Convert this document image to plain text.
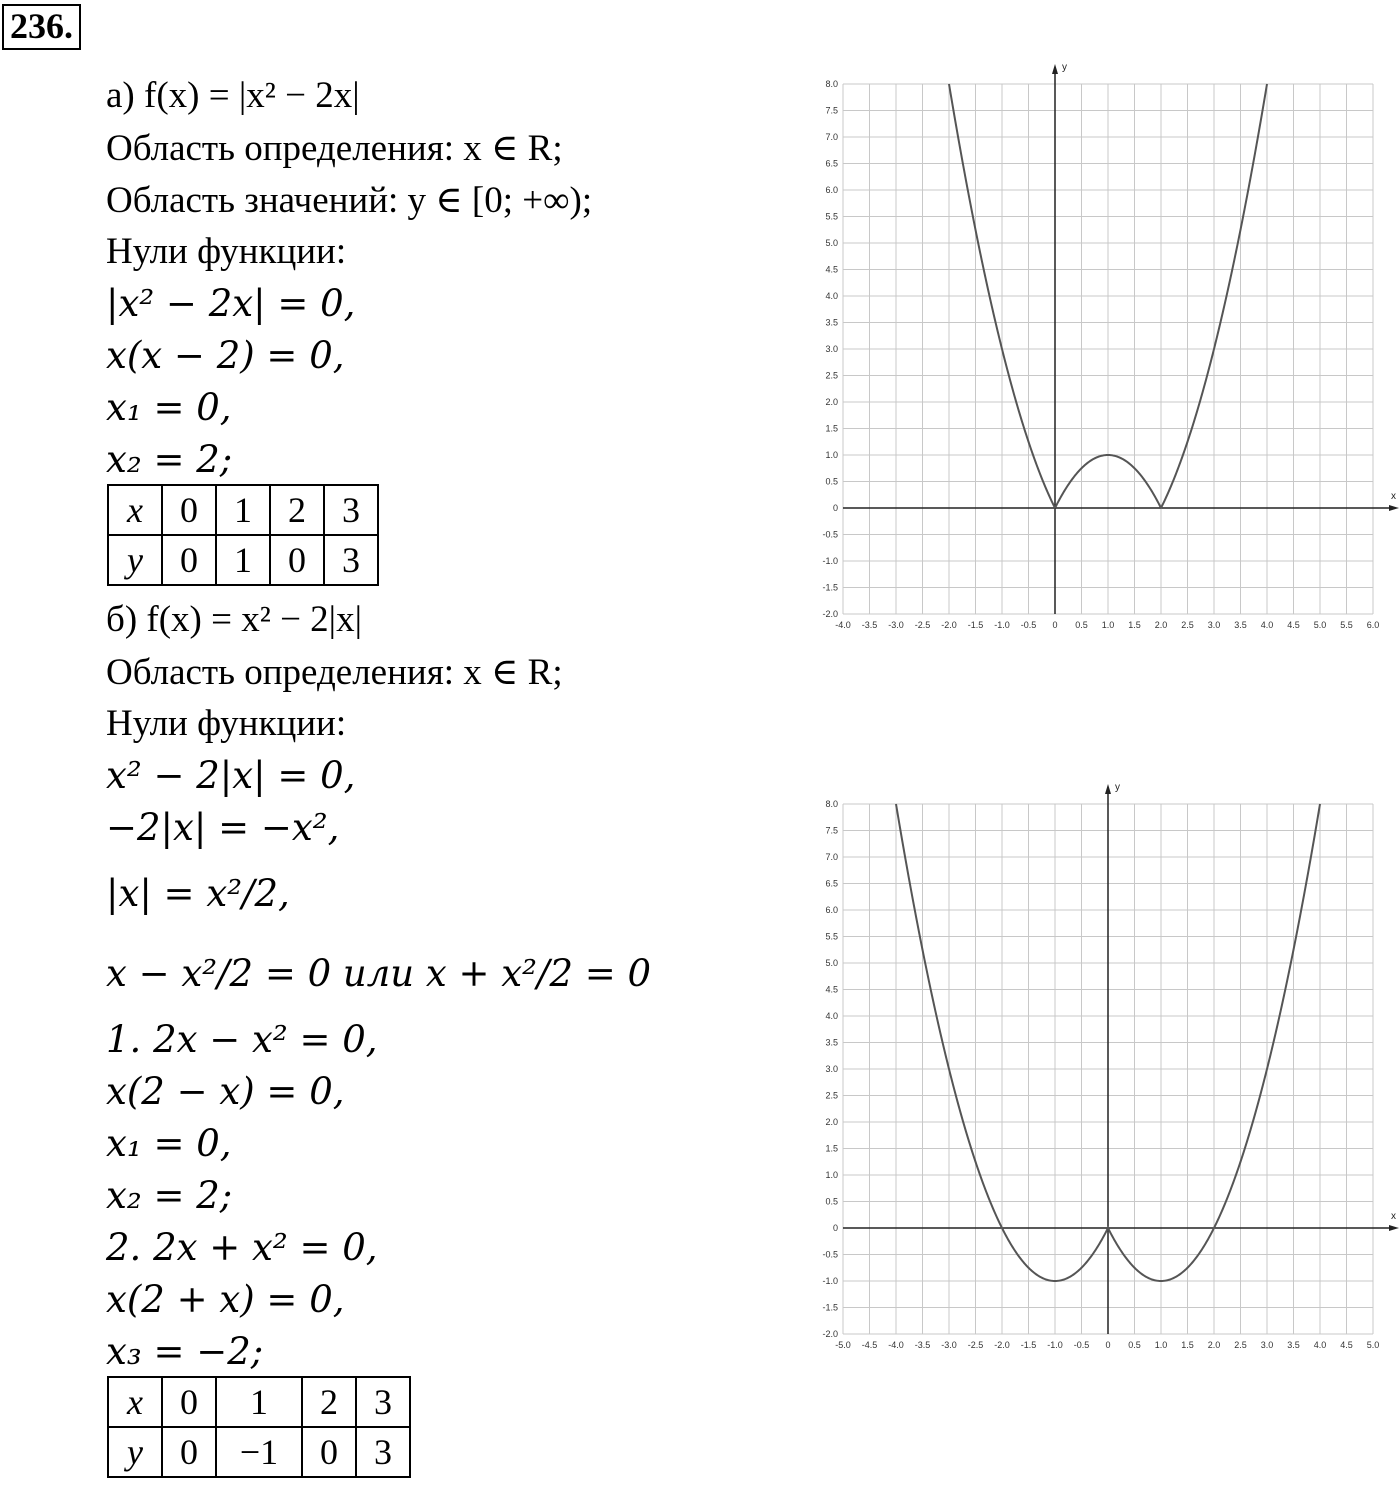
236.
а) f(x) = |x² − 2x|
Область определения: x ∈ R;
Область значений: y ∈ [0; +∞);
Нули функции:
|x² − 2x| = 0,
x(x − 2) = 0,
x₁ = 0,
x₂ = 2;
x	0	1	2	3
y	0	1	0	3
б) f(x) = x² − 2|x|
Область определения: x ∈ R;
Нули функции:
x² − 2|x| = 0,
−2|x| = −x²,
|x| = x²/2,
x − x²/2 = 0 или x + x²/2 = 0
1. 2x − x² = 0,
x(2 − x) = 0,
x₁ = 0,
x₂ = 2;
2. 2x + x² = 0,
x(2 + x) = 0,
x₃ = −2;
x	0	1	2	3
y	0	−1	0	3
x
y
-4.0 -3.5 -3.0 -2.5 -2.0 -1.5 -1.0 -0.5 0 0.5 1.0 1.5 2.0 2.5 3.0 3.5 4.0 4.5 5.0 5.5 6.0
-2.0
-1.5
-1.0
-0.5
0
0.5
1.0
1.5
2.0
2.5
3.0
3.5
4.0
4.5
5.0
5.5
6.0
6.5
7.0
7.5
8.0
x
y
-5.0 -4.5 -4.0 -3.5 -3.0 -2.5 -2.0 -1.5 -1.0 -0.5 0 0.5 1.0 1.5 2.0 2.5 3.0 3.5 4.0 4.5 5.0
-2.0
-1.5
-1.0
-0.5
0
0.5
1.0
1.5
2.0
2.5
3.0
3.5
4.0
4.5
5.0
5.5
6.0
6.5
7.0
7.5
8.0
